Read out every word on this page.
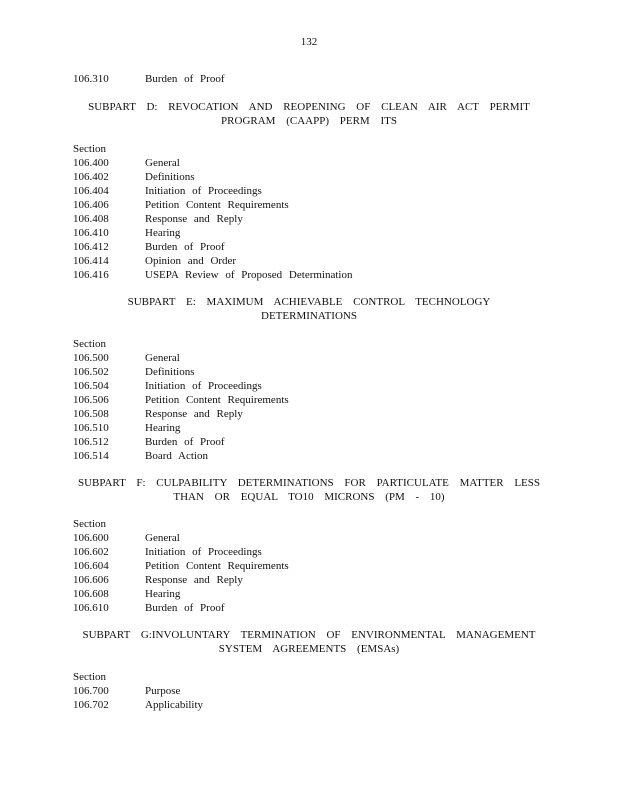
132
106.310	Burden of Proof
SUBPART D: REVOCATION AND REOPENING OF CLEAN AIR ACT PERMIT
PROGRAM (CAAPP) PERM ITS
Section
106.400	General
106.402	Definitions
106.404	Initiation of Proceedings
106.406	Petition Content Requirements
106.408	Response and Reply
106.410	Hearing
106.412	Burden of Proof
106.414	Opinion and Order
106.416	USEPA Review of Proposed Determination
SUBPART E: MAXIMUM ACHIEVABLE CONTROL TECHNOLOGY
DETERMINATIONS
Section
106.500	General
106.502	Definitions
106.504	Initiation of Proceedings
106.506	Petition Content Requirements
106.508	Response and Reply
106.510	Hearing
106.512	Burden of Proof
106.514	Board Action
SUBPART F: CULPABILITY DETERMINATIONS FOR PARTICULATE MATTER LESS
THAN OR EQUAL TO10 MICRONS (PM - 10)
Section
106.600	General
106.602	Initiation of Proceedings
106.604	Petition Content Requirements
106.606	Response and Reply
106.608	Hearing
106.610	Burden of Proof
SUBPART G:INVOLUNTARY TERMINATION OF ENVIRONMENTAL MANAGEMENT
SYSTEM AGREEMENTS (EMSAs)
Section
106.700	Purpose
106.702	Applicability
